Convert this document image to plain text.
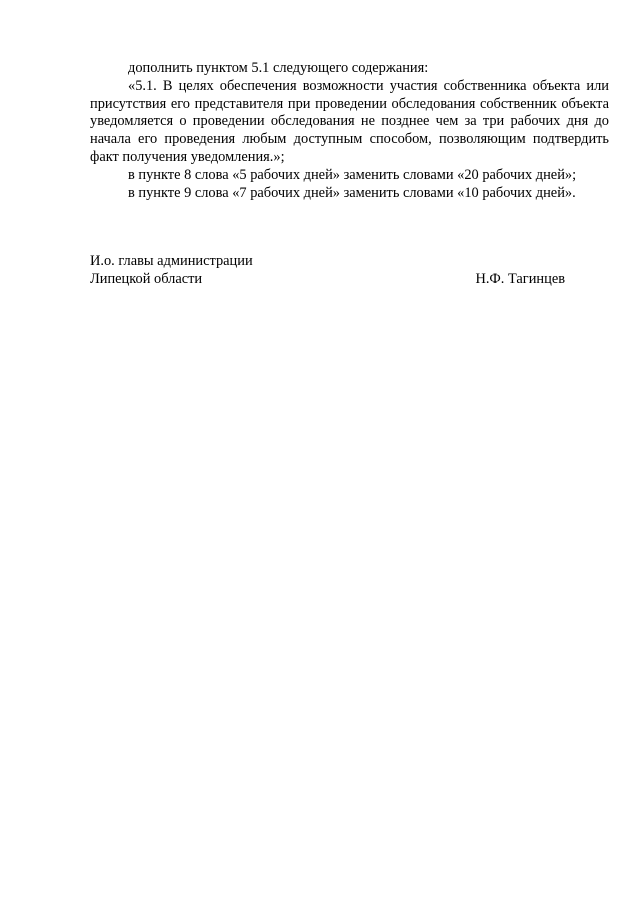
дополнить пунктом 5.1 следующего содержания:

«5.1. В целях обеспечения возможности участия собственника объекта или присутствия его представителя при проведении обследования собственник объекта уведомляется о проведении обследования не позднее чем за три рабочих дня до начала его проведения любым доступным способом, позволяющим подтвердить факт получения уведомления.»;

в пункте 8 слова «5 рабочих дней» заменить словами «20 рабочих дней»;

в пункте 9 слова «7 рабочих дней» заменить словами «10 рабочих дней».

И.о. главы администрации
Липецкой области	Н.Ф. Тагинцев
